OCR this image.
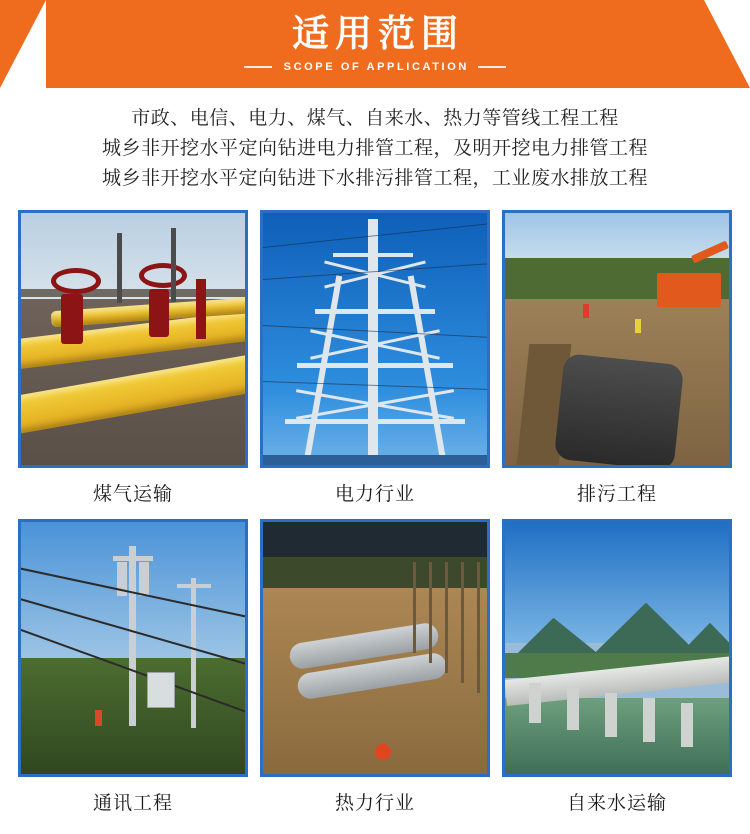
适用范围
SCOPE OF APPLICATION
市政、电信、电力、煤气、自来水、热力等管线工程工程
城乡非开挖水平定向钻进电力排管工程，及明开挖电力排管工程
城乡非开挖水平定向钻进下水排污排管工程，工业废水排放工程
煤气运输	电力行业	排污工程
通讯工程	热力行业	自来水运输
